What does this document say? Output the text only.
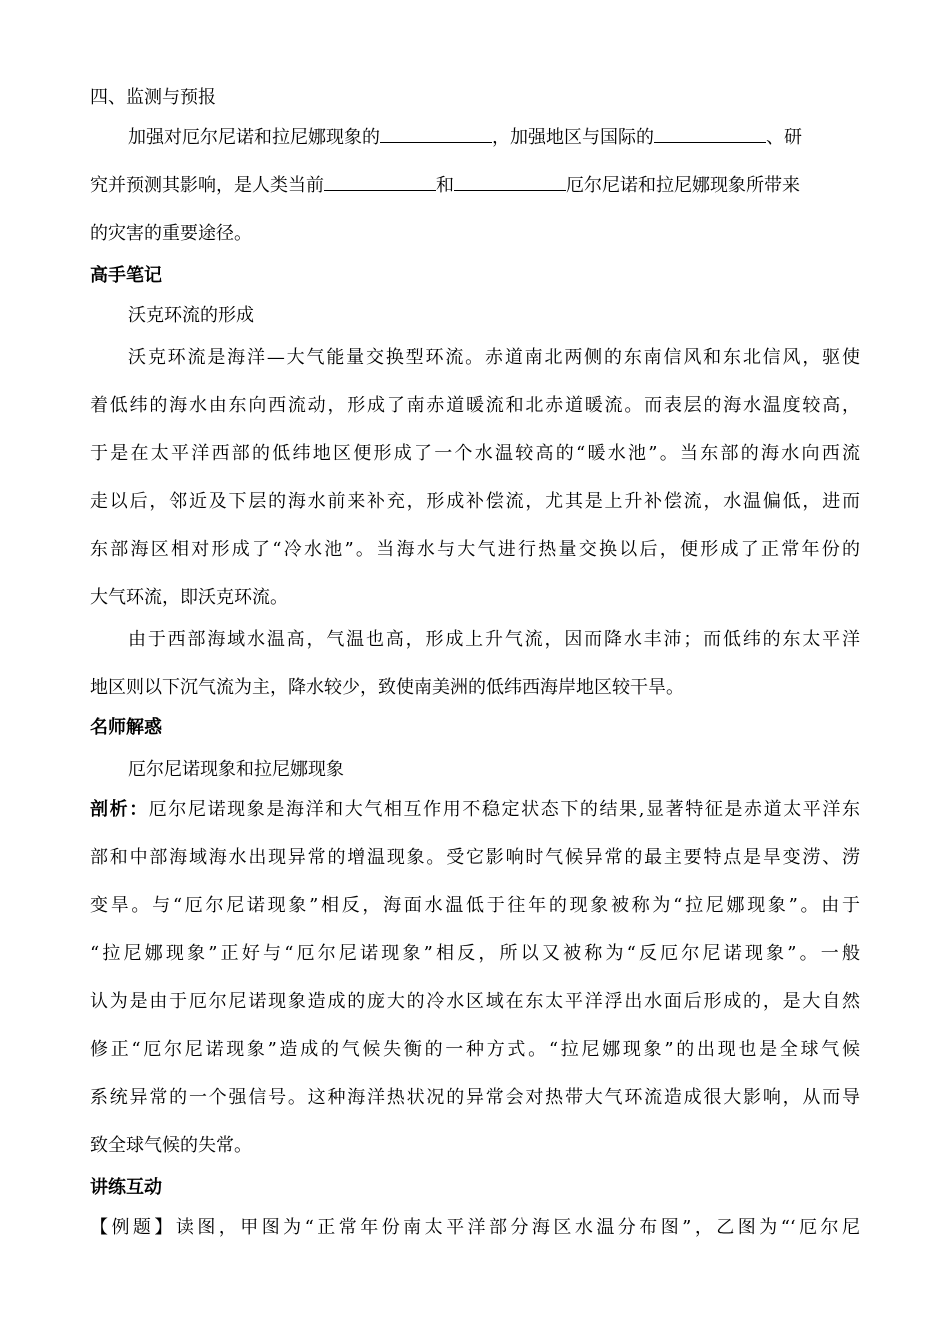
四、监测与预报
加强对厄尔尼诺和拉尼娜现象的	，加强地区与国际的	、研
究并预测其影响，是人类当前	和	厄尔尼诺和拉尼娜现象所带来
的灾害的重要途径。
高手笔记
沃克环流的形成
沃克环流是海洋—大气能量交换型环流。赤道南北两侧的东南信风和东北信风，驱使
着低纬的海水由东向西流动，形成了南赤道暖流和北赤道暖流。而表层的海水温度较高，
于是在太平洋西部的低纬地区便形成了一个水温较高的“暖水池”。当东部的海水向西流
走以后，邻近及下层的海水前来补充，形成补偿流，尤其是上升补偿流，水温偏低，进而
东部海区相对形成了“冷水池”。当海水与大气进行热量交换以后，便形成了正常年份的
大气环流，即沃克环流。
由于西部海域水温高，气温也高，形成上升气流，因而降水丰沛；而低纬的东太平洋
地区则以下沉气流为主，降水较少，致使南美洲的低纬西海岸地区较干旱。
名师解惑
厄尔尼诺现象和拉尼娜现象
剖析：厄尔尼诺现象是海洋和大气相互作用不稳定状态下的结果,显著特征是赤道太平洋东
部和中部海域海水出现异常的增温现象。受它影响时气候异常的最主要特点是旱变涝、涝
变旱。与“厄尔尼诺现象”相反，海面水温低于往年的现象被称为“拉尼娜现象”。由于
“拉尼娜现象”正好与“厄尔尼诺现象”相反，所以又被称为“反厄尔尼诺现象”。一般
认为是由于厄尔尼诺现象造成的庞大的冷水区域在东太平洋浮出水面后形成的，是大自然
修正“厄尔尼诺现象”造成的气候失衡的一种方式。“拉尼娜现象”的出现也是全球气候
系统异常的一个强信号。这种海洋热状况的异常会对热带大气环流造成很大影响，从而导
致全球气候的失常。
讲练互动
【例题】读图，甲图为“正常年份南太平洋部分海区水温分布图”，乙图为“‘厄尔尼
